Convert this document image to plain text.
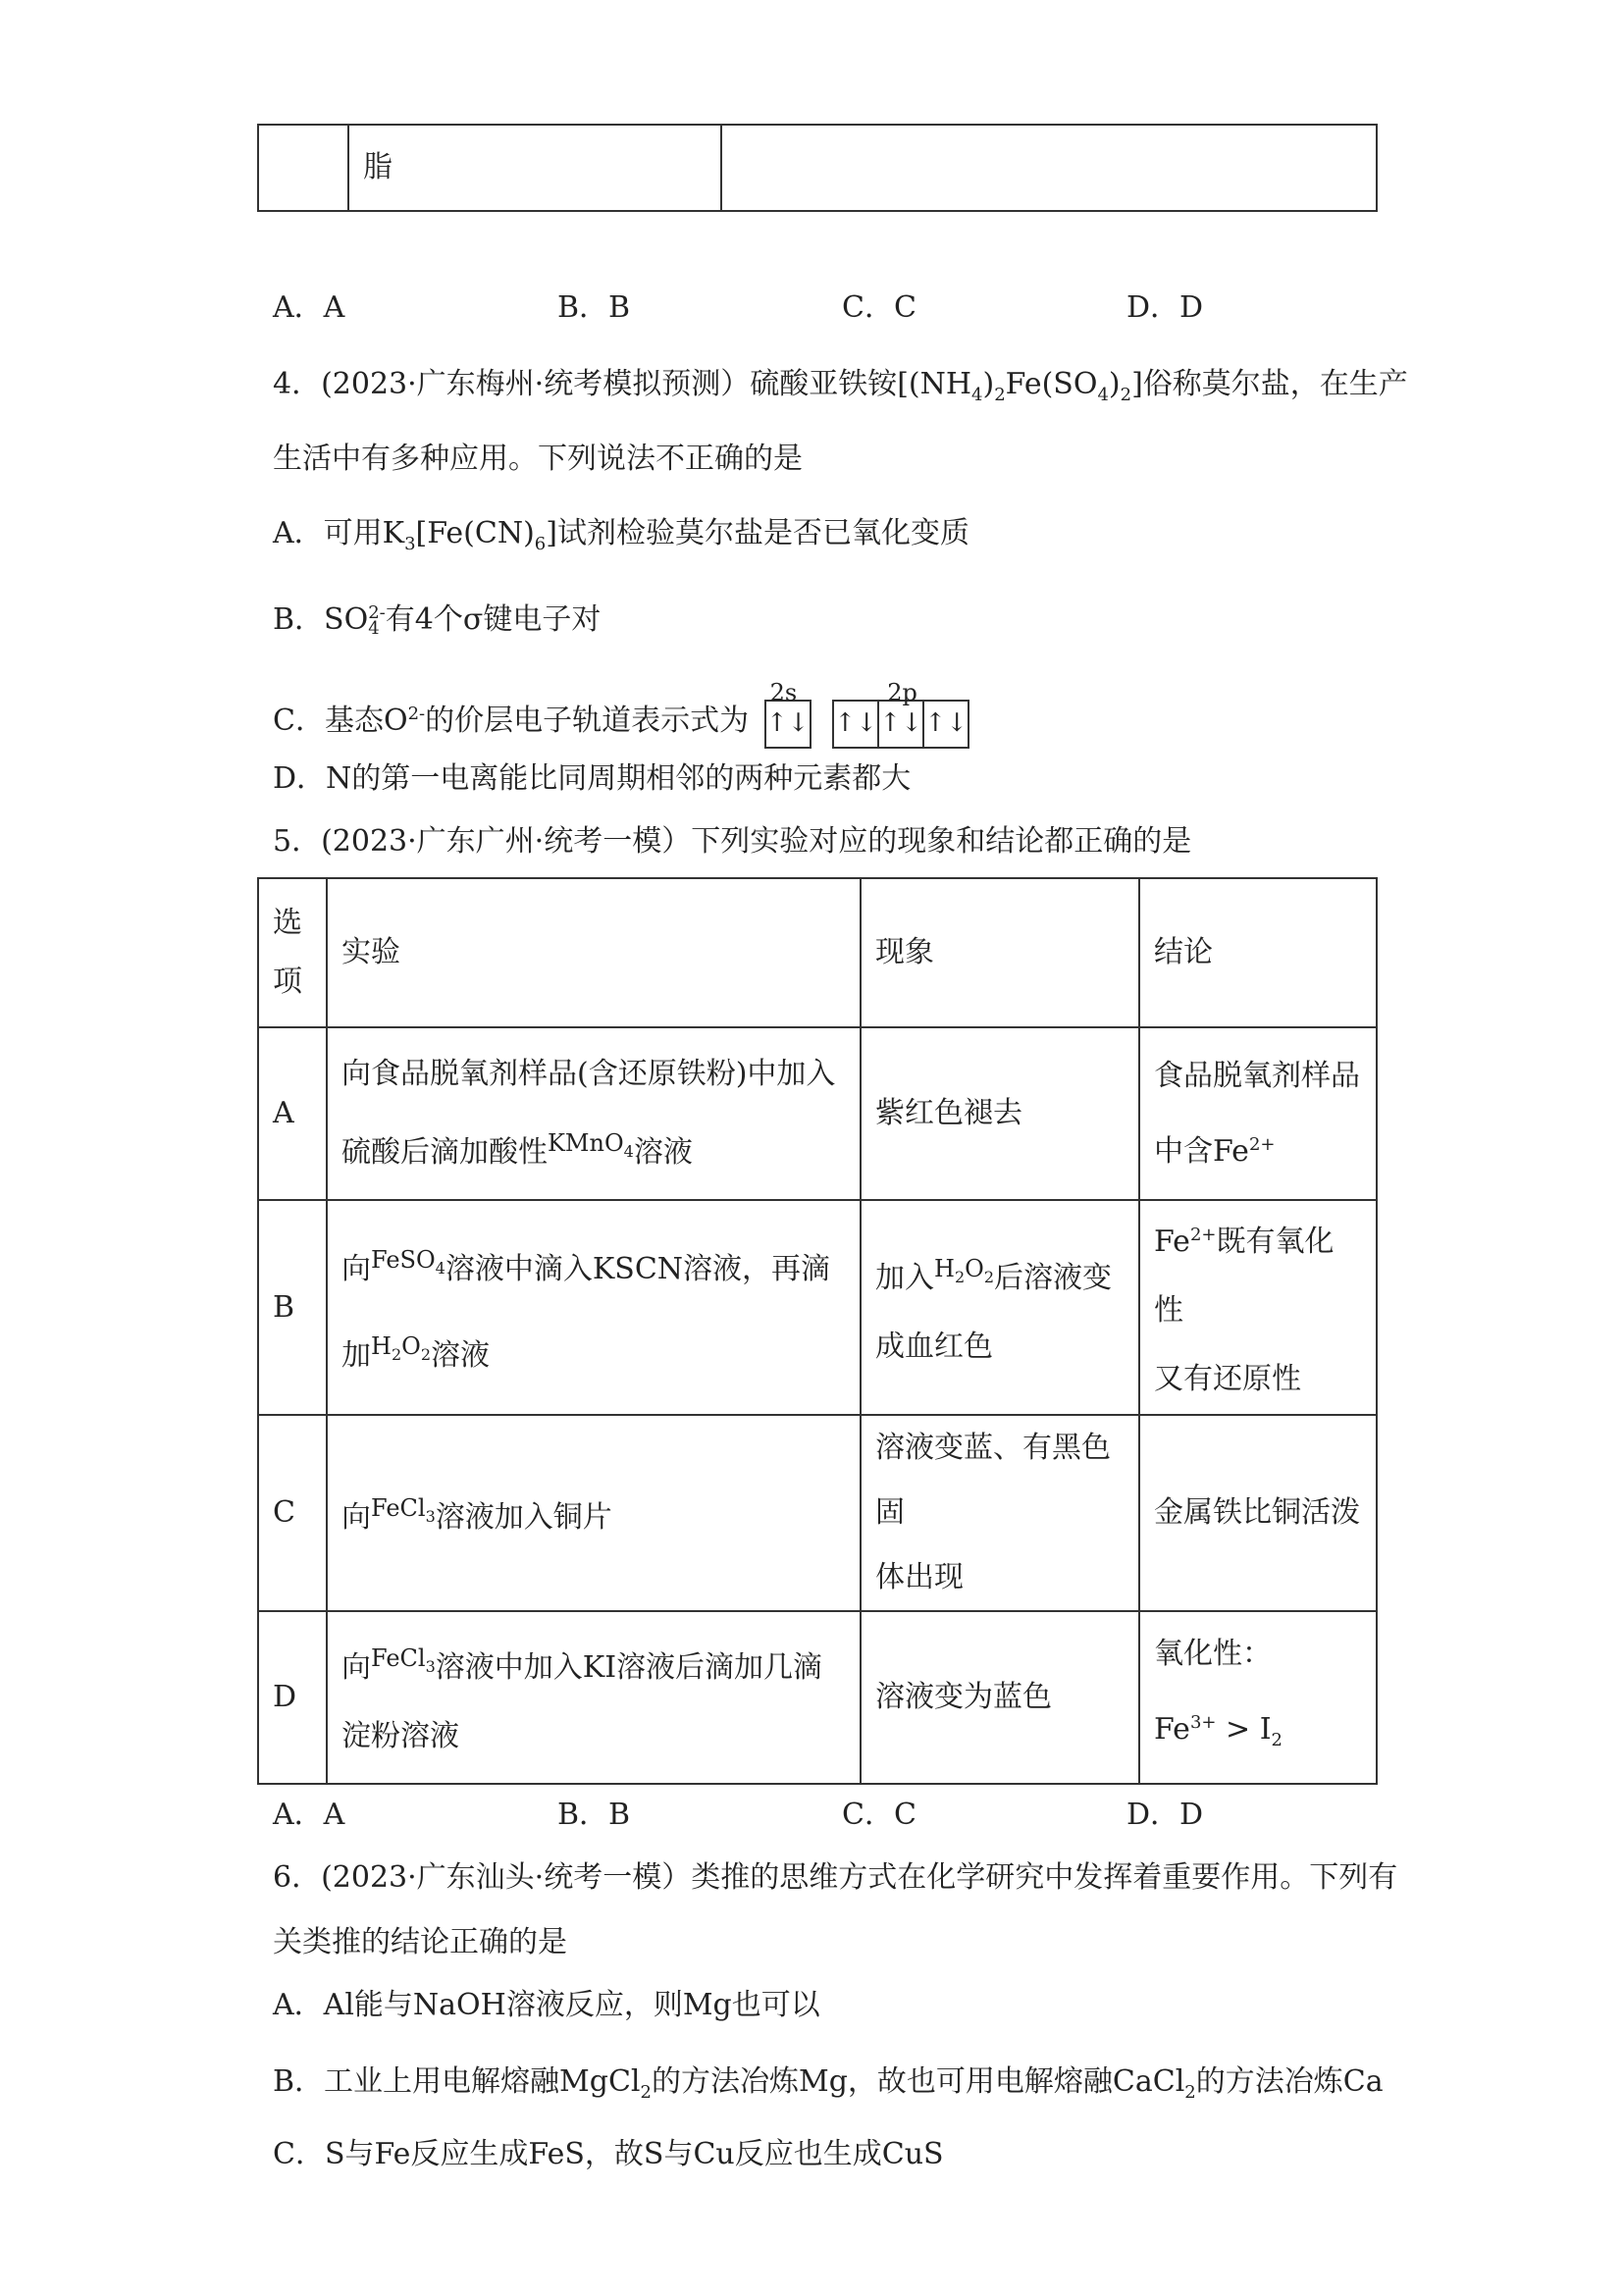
	脂	
A．A	B．B	C．C	D．D
4．(2023·广东梅州·统考模拟预测）硫酸亚铁铵$[(NH_4)_2Fe(SO_4)_2]$俗称莫尔盐，在生产
生活中有多种应用。下列说法不正确的是
A．可用$K_3[Fe(CN)_6]$试剂检验莫尔盐是否已氧化变质
B．SO 2-
4 有4个σ键电子对
C．基态$O^{2-}$的价层电子轨道表示式为
2s
↑↓
2p
↑↓↑↓↑↓
D．N的第一电离能比同周期相邻的两种元素都大
5．(2023·广东广州·统考一模）下列实验对应的现象和结论都正确的是
选
项	实验	现象	结论
A	向食品脱氧剂样品(含还原铁粉)中加入
硫酸后滴加酸性$^{KMnO_4}$溶液	紫红色褪去	食品脱氧剂样品
中含$Fe^{2+}$
B	向$^{FeSO_4}$溶液中滴入KSCN溶液，再滴
加$^{H_2O_2}$溶液	加入$^{H_2O_2}$后溶液变
成血红色	$Fe^{2+}$既有氧化性
又有还原性
C	向$^{FeCl_3}$溶液加入铜片	溶液变蓝、有黑色固
体出现	金属铁比铜活泼
D	向$^{FeCl_3}$溶液中加入KI溶液后滴加几滴
淀粉溶液	溶液变为蓝色	氧化性：
$Fe^{3+} > I_2$
A．A	B．B	C．C	D．D
6．(2023·广东汕头·统考一模）类推的思维方式在化学研究中发挥着重要作用。下列有
关类推的结论正确的是
A．Al能与NaOH溶液反应，则Mg也可以
B．工业上用电解熔融MgCl$_2$的方法冶炼Mg，故也可用电解熔融CaCl$_2$的方法冶炼Ca
C．S与Fe反应生成FeS，故S与Cu反应也生成CuS
